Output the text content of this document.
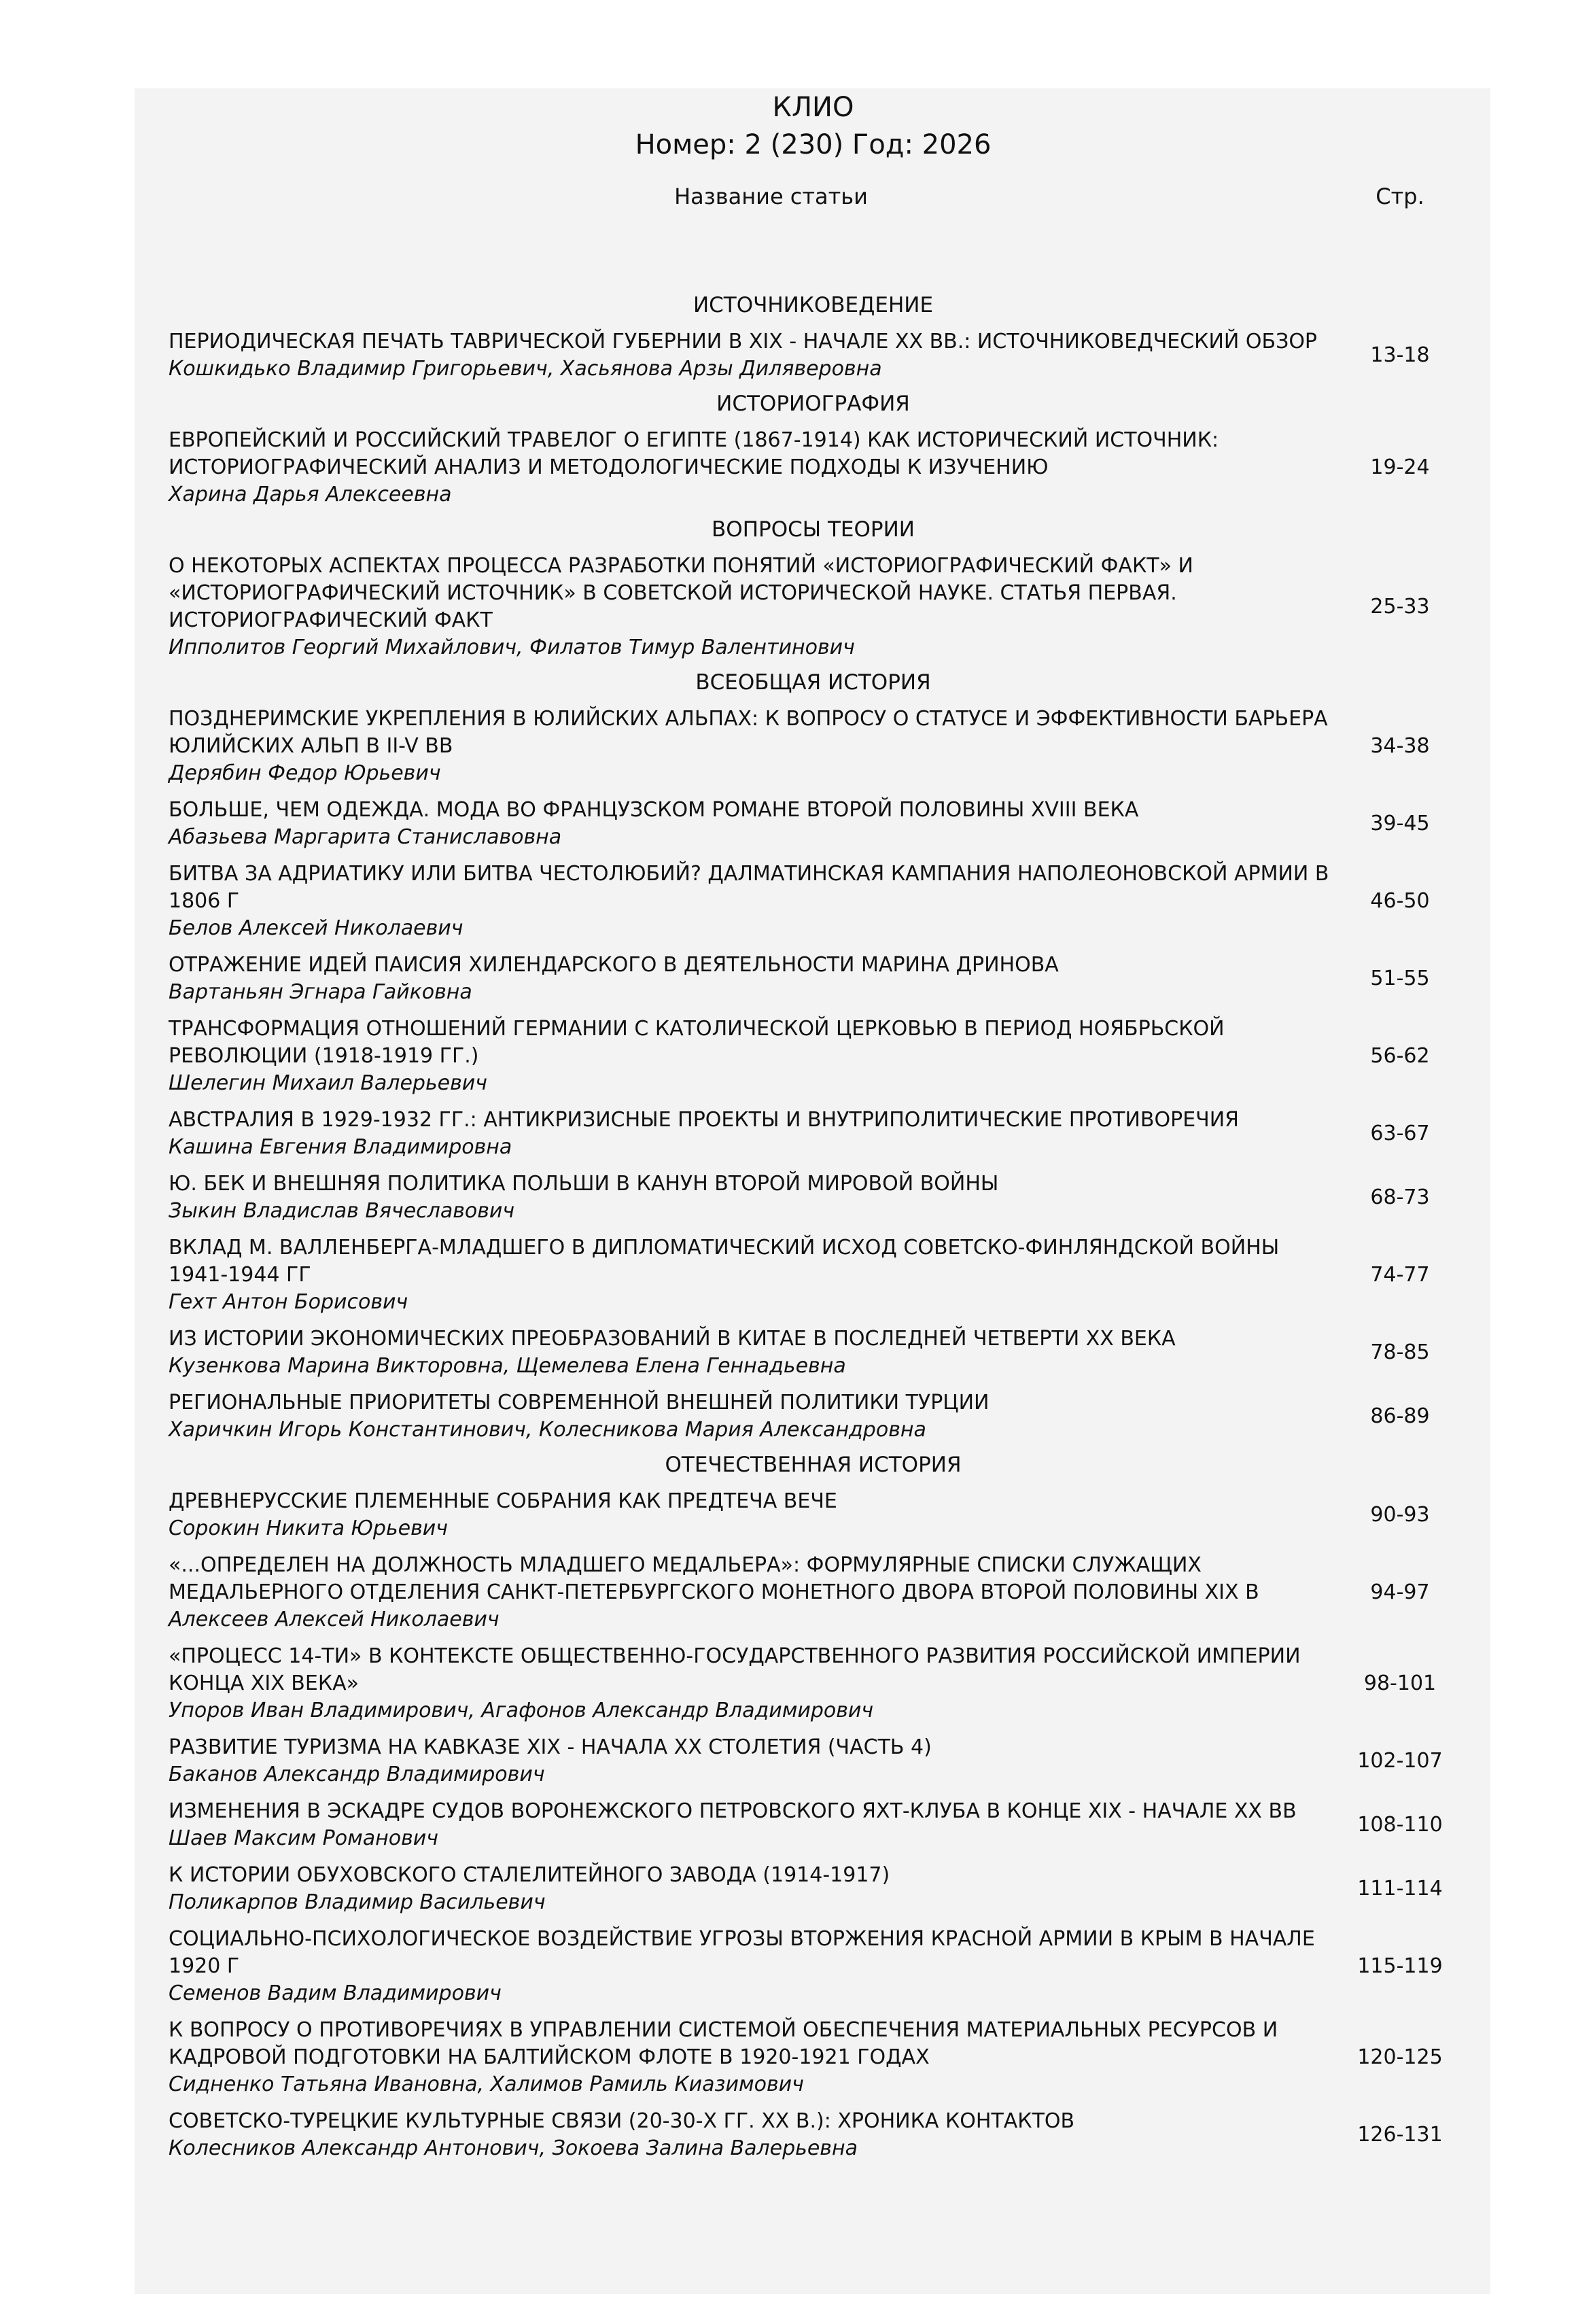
КЛИО
Номер: 2 (230) Год: 2026
Название статьи	Стр.
ИСТОЧНИКОВЕДЕНИЕ
ПЕРИОДИЧЕСКАЯ ПЕЧАТЬ ТАВРИЧЕСКОЙ ГУБЕРНИИ В XIX - НАЧАЛЕ XX ВВ.: ИСТОЧНИКОВЕДЧЕСКИЙ ОБЗОР
Кошкидько Владимир Григорьевич, Хасьянова Арзы Диляверовна
13-18
ИСТОРИОГРАФИЯ
ЕВРОПЕЙСКИЙ И РОССИЙСКИЙ ТРАВЕЛОГ О ЕГИПТЕ (1867-1914) КАК ИСТОРИЧЕСКИЙ ИСТОЧНИК: ИСТОРИОГРАФИЧЕСКИЙ АНАЛИЗ И МЕТОДОЛОГИЧЕСКИЕ ПОДХОДЫ К ИЗУЧЕНИЮ
Харина Дарья Алексеевна
19-24
ВОПРОСЫ ТЕОРИИ
О НЕКОТОРЫХ АСПЕКТАХ ПРОЦЕССА РАЗРАБОТКИ ПОНЯТИЙ «ИСТОРИОГРАФИЧЕСКИЙ ФАКТ» И «ИСТОРИОГРАФИЧЕСКИЙ ИСТОЧНИК» В СОВЕТСКОЙ ИСТОРИЧЕСКОЙ НАУКЕ. СТАТЬЯ ПЕРВАЯ. ИСТОРИОГРАФИЧЕСКИЙ ФАКТ
Ипполитов Георгий Михайлович, Филатов Тимур Валентинович
25-33
ВСЕОБЩАЯ ИСТОРИЯ
ПОЗДНЕРИМСКИЕ УКРЕПЛЕНИЯ В ЮЛИЙСКИХ АЛЬПАХ: К ВОПРОСУ О СТАТУСЕ И ЭФФЕКТИВНОСТИ БАРЬЕРА ЮЛИЙСКИХ АЛЬП В II-V ВВ
Дерябин Федор Юрьевич
34-38
БОЛЬШЕ, ЧЕМ ОДЕЖДА. МОДА ВО ФРАНЦУЗСКОМ РОМАНЕ ВТОРОЙ ПОЛОВИНЫ XVIII ВЕКА
Абазьева Маргарита Станиславовна
39-45
БИТВА ЗА АДРИАТИКУ ИЛИ БИТВА ЧЕСТОЛЮБИЙ? ДАЛМАТИНСКАЯ КАМПАНИЯ НАПОЛЕОНОВСКОЙ АРМИИ В 1806 Г
Белов Алексей Николаевич
46-50
ОТРАЖЕНИЕ ИДЕЙ ПАИСИЯ ХИЛЕНДАРСКОГО В ДЕЯТЕЛЬНОСТИ МАРИНА ДРИНОВА
Вартаньян Эгнара Гайковна
51-55
ТРАНСФОРМАЦИЯ ОТНОШЕНИЙ ГЕРМАНИИ С КАТОЛИЧЕСКОЙ ЦЕРКОВЬЮ В ПЕРИОД НОЯБРЬСКОЙ РЕВОЛЮЦИИ (1918-1919 ГГ.)
Шелегин Михаил Валерьевич
56-62
АВСТРАЛИЯ В 1929-1932 ГГ.: АНТИКРИЗИСНЫЕ ПРОЕКТЫ И ВНУТРИПОЛИТИЧЕСКИЕ ПРОТИВОРЕЧИЯ
Кашина Евгения Владимировна
63-67
Ю. БЕК И ВНЕШНЯЯ ПОЛИТИКА ПОЛЬШИ В КАНУН ВТОРОЙ МИРОВОЙ ВОЙНЫ
Зыкин Владислав Вячеславович
68-73
ВКЛАД М. ВАЛЛЕНБЕРГА-МЛАДШЕГО В ДИПЛОМАТИЧЕСКИЙ ИСХОД СОВЕТСКО-ФИНЛЯНДСКОЙ ВОЙНЫ 1941-1944 ГГ
Гехт Антон Борисович
74-77
ИЗ ИСТОРИИ ЭКОНОМИЧЕСКИХ ПРЕОБРАЗОВАНИЙ В КИТАЕ В ПОСЛЕДНЕЙ ЧЕТВЕРТИ XX ВЕКА
Кузенкова Марина Викторовна, Щемелева Елена Геннадьевна
78-85
РЕГИОНАЛЬНЫЕ ПРИОРИТЕТЫ СОВРЕМЕННОЙ ВНЕШНЕЙ ПОЛИТИКИ ТУРЦИИ
Харичкин Игорь Константинович, Колесникова Мария Александровна
86-89
ОТЕЧЕСТВЕННАЯ ИСТОРИЯ
ДРЕВНЕРУССКИЕ ПЛЕМЕННЫЕ СОБРАНИЯ КАК ПРЕДТЕЧА ВЕЧЕ
Сорокин Никита Юрьевич
90-93
«...ОПРЕДЕЛЕН НА ДОЛЖНОСТЬ МЛАДШЕГО МЕДАЛЬЕРА»: ФОРМУЛЯРНЫЕ СПИСКИ СЛУЖАЩИХ МЕДАЛЬЕРНОГО ОТДЕЛЕНИЯ САНКТ-ПЕТЕРБУРГСКОГО МОНЕТНОГО ДВОРА ВТОРОЙ ПОЛОВИНЫ XIX В
Алексеев Алексей Николаевич
94-97
«ПРОЦЕСС 14-ТИ» В КОНТЕКСТЕ ОБЩЕСТВЕННО-ГОСУДАРСТВЕННОГО РАЗВИТИЯ РОССИЙСКОЙ ИМПЕРИИ КОНЦА XIX ВЕКА»
Упоров Иван Владимирович, Агафонов Александр Владимирович
98-101
РАЗВИТИЕ ТУРИЗМА НА КАВКАЗЕ XIX - НАЧАЛА XX СТОЛЕТИЯ (ЧАСТЬ 4)
Баканов Александр Владимирович
102-107
ИЗМЕНЕНИЯ В ЭСКАДРЕ СУДОВ ВОРОНЕЖСКОГО ПЕТРОВСКОГО ЯХТ-КЛУБА В КОНЦЕ XIX - НАЧАЛЕ XX ВВ
Шаев Максим Романович
108-110
К ИСТОРИИ ОБУХОВСКОГО СТАЛЕЛИТЕЙНОГО ЗАВОДА (1914-1917)
Поликарпов Владимир Васильевич
111-114
СОЦИАЛЬНО-ПСИХОЛОГИЧЕСКОЕ ВОЗДЕЙСТВИЕ УГРОЗЫ ВТОРЖЕНИЯ КРАСНОЙ АРМИИ В КРЫМ В НАЧАЛЕ 1920 Г
Семенов Вадим Владимирович
115-119
К ВОПРОСУ О ПРОТИВОРЕЧИЯХ В УПРАВЛЕНИИ СИСТЕМОЙ ОБЕСПЕЧЕНИЯ МАТЕРИАЛЬНЫХ РЕСУРСОВ И КАДРОВОЙ ПОДГОТОВКИ НА БАЛТИЙСКОМ ФЛОТЕ В 1920-1921 ГОДАХ
Сидненко Татьяна Ивановна, Халимов Рамиль Киазимович
120-125
СОВЕТСКО-ТУРЕЦКИЕ КУЛЬТУРНЫЕ СВЯЗИ (20-30-Х ГГ. XX В.): ХРОНИКА КОНТАКТОВ
Колесников Александр Антонович, Зокоева Залина Валерьевна
126-131
